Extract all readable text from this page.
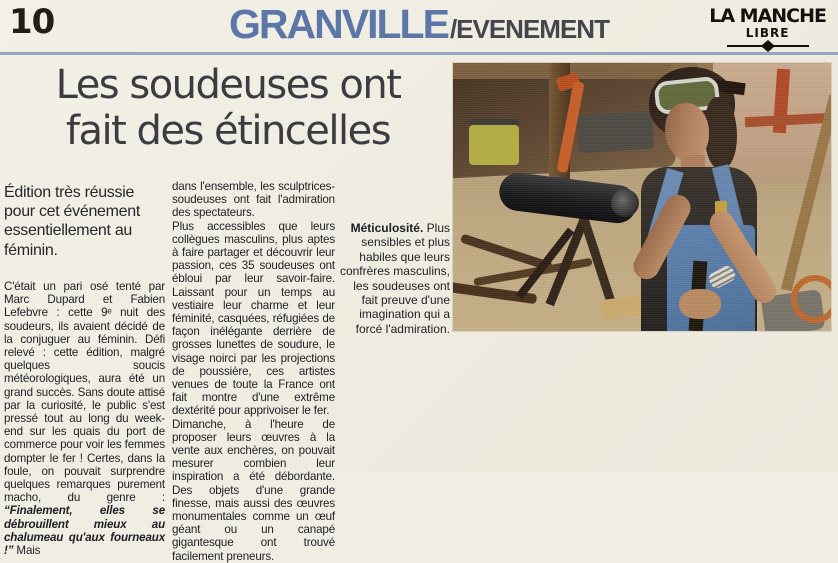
10	GRANVILLE /EVENEMENT	LA MANCHE
LIBRE
Les soudeuses ont
fait des étincelles
Édition très réussie pour cet événement essentiellement au féminin.

C'était un pari osé tenté par Marc Dupard et Fabien Lefebvre : cette 9ᵉ nuit des soudeurs, ils avaient décidé de la conjuguer au féminin. Défi relevé : cette édition, malgré quelques soucis météorologiques, aura été un grand succès. Sans doute attisé par la curiosité, le public s'est pressé tout au long du week-end sur les quais du port de commerce pour voir les femmes dompter le fer ! Certes, dans la foule, on pouvait surprendre quelques remarques purement macho, du genre : “Finalement, elles se débrouillent mieux au chalumeau qu'aux fourneaux !” Mais

dans l'ensemble, les sculptrices-soudeuses ont fait l'admiration des spectateurs.

Plus accessibles que leurs collègues masculins, plus aptes à faire partager et découvrir leur passion, ces 35 soudeuses ont ébloui par leur savoir-faire. Laissant pour un temps au vestiaire leur charme et leur féminité, casquées, réfugiées de façon inélégante derrière de grosses lunettes de soudure, le visage noirci par les projections de poussière, ces artistes venues de toute la France ont fait montre d'une extrême dextérité pour apprivoiser le fer.

Dimanche, à l'heure de proposer leurs œuvres à la vente aux enchères, on pouvait mesurer combien leur inspiration a été débordante. Des objets d'une grande finesse, mais aussi des œuvres monumentales comme un œuf géant ou un canapé gigantesque ont trouvé facilement preneurs.

Méticulosité. Plus sensibles et plus habiles que leurs confrères masculins, les soudeuses ont fait preuve d'une imagination qui a forcé l'admiration.
